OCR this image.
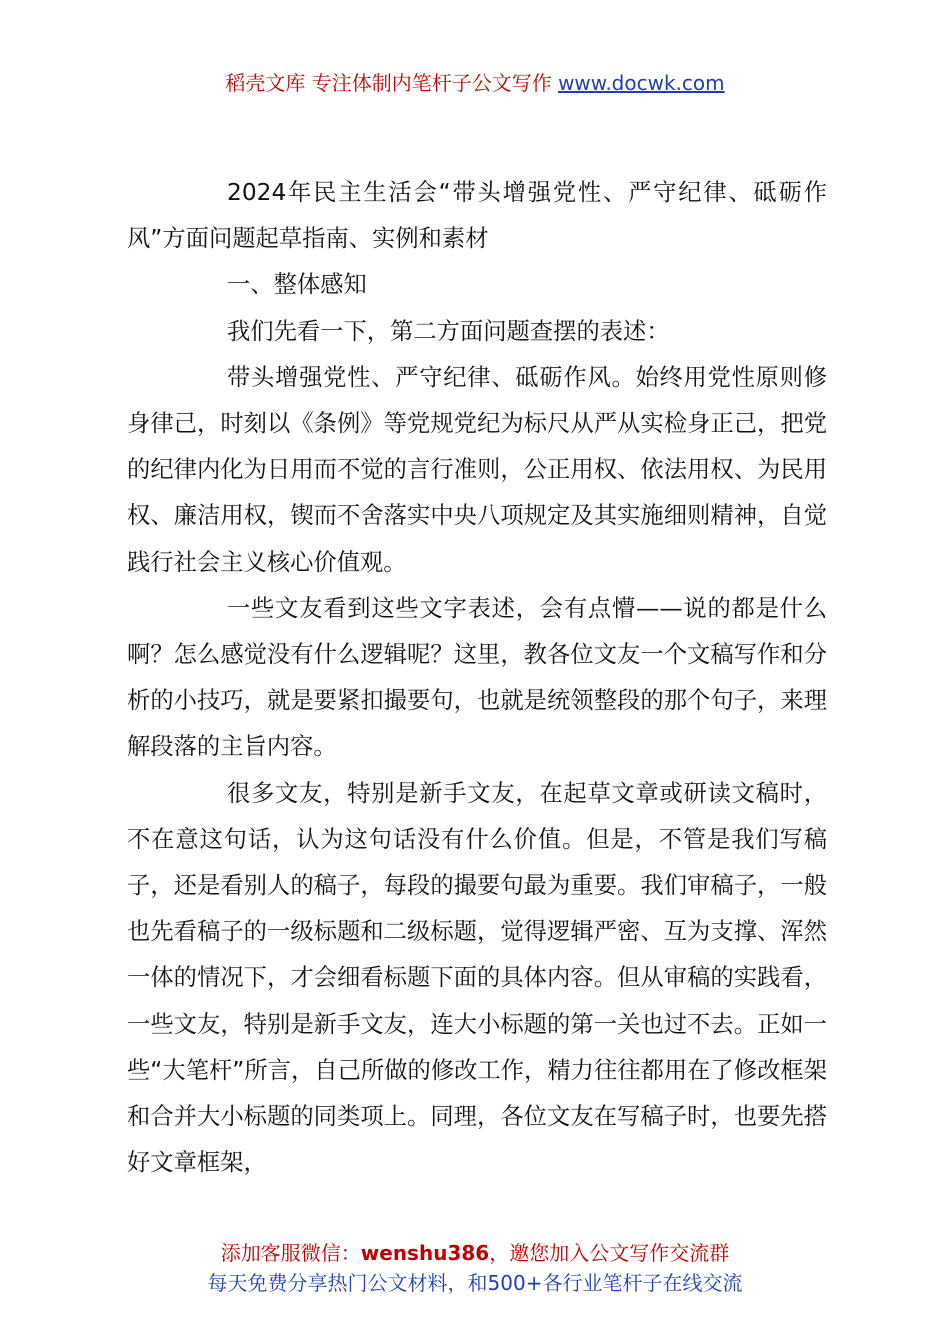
稻壳文库 专注体制内笔杆子公文写作 www.docwk.com

2024年民主生活会“带头增强党性、严守纪律、砥砺作风”方面问题起草指南、实例和素材

一、整体感知

我们先看一下，第二方面问题查摆的表述：

带头增强党性、严守纪律、砥砺作风。始终用党性原则修身律己，时刻以《条例》等党规党纪为标尺从严从实检身正己，把党的纪律内化为日用而不觉的言行准则，公正用权、依法用权、为民用权、廉洁用权，锲而不舍落实中央八项规定及其实施细则精神，自觉践行社会主义核心价值观。

一些文友看到这些文字表述，会有点懵——说的都是什么啊？怎么感觉没有什么逻辑呢？这里，教各位文友一个文稿写作和分析的小技巧，就是要紧扣撮要句，也就是统领整段的那个句子，来理解段落的主旨内容。

很多文友，特别是新手文友，在起草文章或研读文稿时，不在意这句话，认为这句话没有什么价值。但是，不管是我们写稿子，还是看别人的稿子，每段的撮要句最为重要。我们审稿子，一般也先看稿子的一级标题和二级标题，觉得逻辑严密、互为支撑、浑然一体的情况下，才会细看标题下面的具体内容。但从审稿的实践看，一些文友，特别是新手文友，连大小标题的第一关也过不去。正如一些“大笔杆”所言，自己所做的修改工作，精力往往都用在了修改框架和合并大小标题的同类项上。同理，各位文友在写稿子时，也要先搭好文章框架，

添加客服微信：wenshu386，邀您加入公文写作交流群
每天免费分享热门公文材料，和500+各行业笔杆子在线交流
